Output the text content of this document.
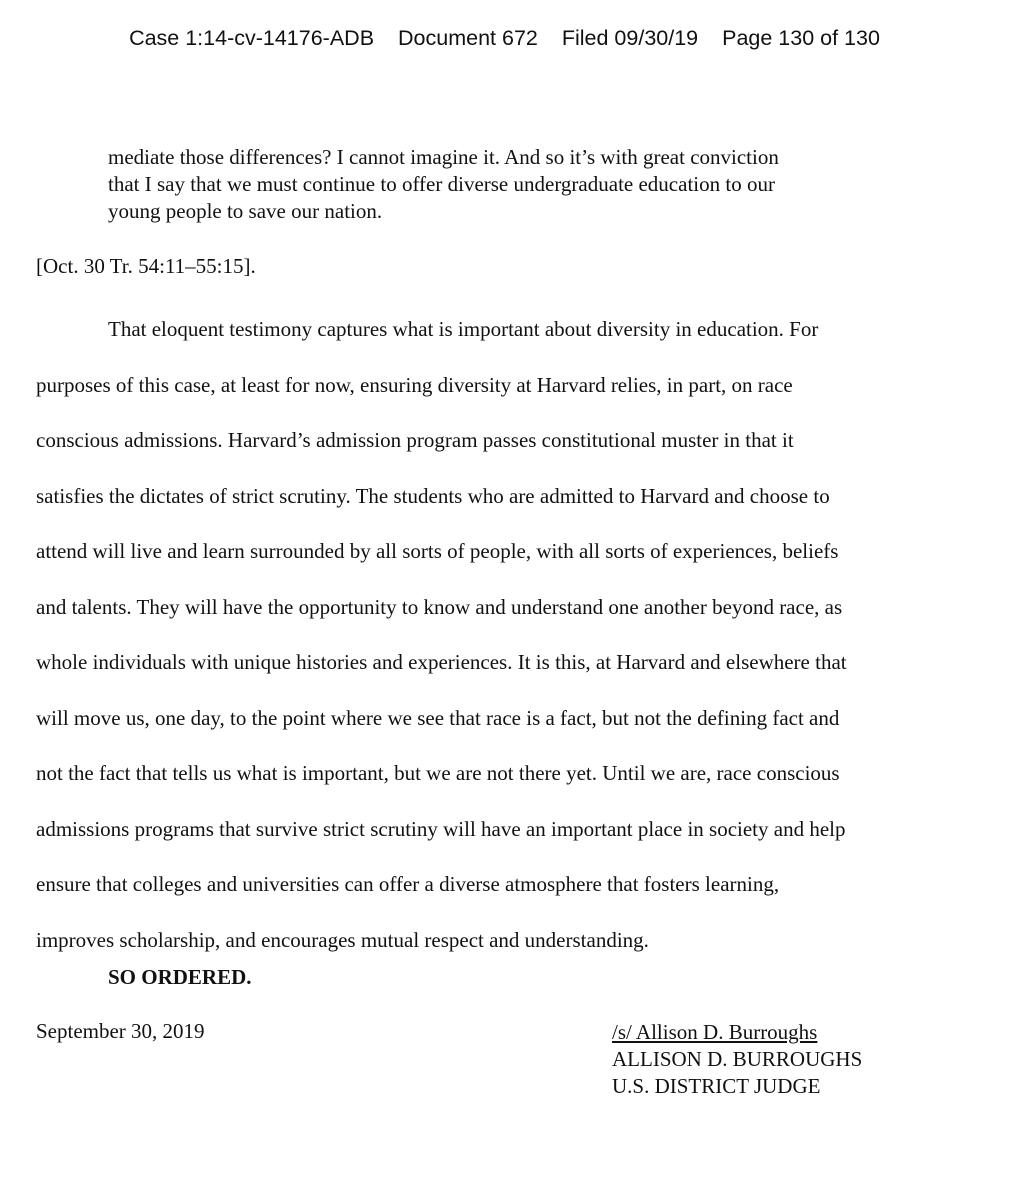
Case 1:14-cv-14176-ADB Document 672 Filed 09/30/19 Page 130 of 130
mediate those differences? I cannot imagine it. And so it’s with great conviction
that I say that we must continue to offer diverse undergraduate education to our
young people to save our nation.
[Oct. 30 Tr. 54:11–55:15].
That eloquent testimony captures what is important about diversity in education. For
purposes of this case, at least for now, ensuring diversity at Harvard relies, in part, on race
conscious admissions. Harvard’s admission program passes constitutional muster in that it
satisfies the dictates of strict scrutiny. The students who are admitted to Harvard and choose to
attend will live and learn surrounded by all sorts of people, with all sorts of experiences, beliefs
and talents. They will have the opportunity to know and understand one another beyond race, as
whole individuals with unique histories and experiences. It is this, at Harvard and elsewhere that
will move us, one day, to the point where we see that race is a fact, but not the defining fact and
not the fact that tells us what is important, but we are not there yet. Until we are, race conscious
admissions programs that survive strict scrutiny will have an important place in society and help
ensure that colleges and universities can offer a diverse atmosphere that fosters learning,
improves scholarship, and encourages mutual respect and understanding.
SO ORDERED.
September 30, 2019	/s/ Allison D. Burroughs
ALLISON D. BURROUGHS
U.S. DISTRICT JUDGE
